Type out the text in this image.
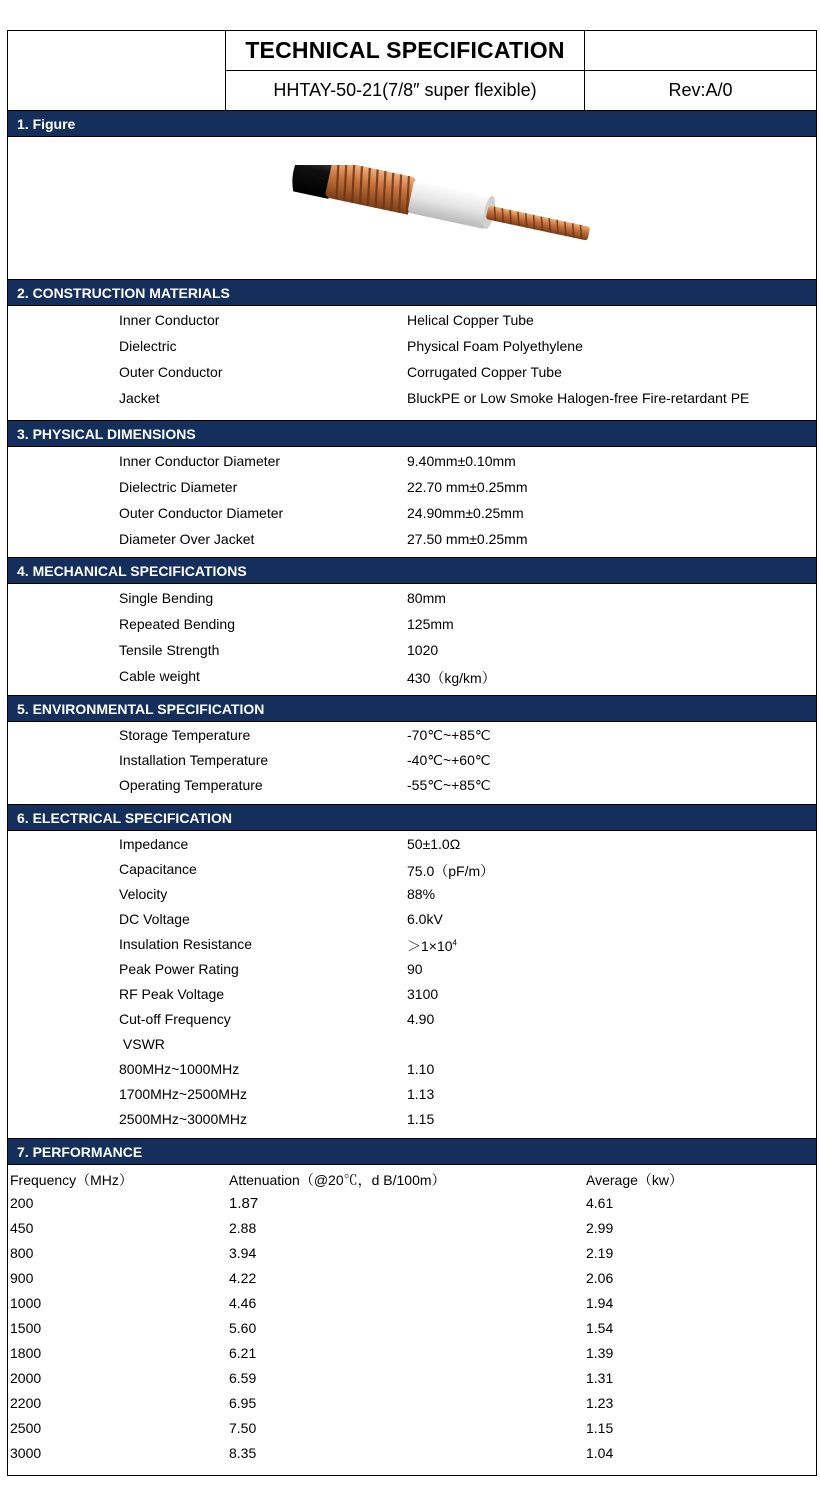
TECHNICAL SPECIFICATION
HHTAY-50-21(7/8″ super flexible)	Rev:A/0
1. Figure
2. CONSTRUCTION MATERIALS
Inner Conductor	Helical Copper Tube
Dielectric	Physical Foam Polyethylene
Outer Conductor	Corrugated Copper Tube
Jacket	BluckPE or Low Smoke Halogen-free Fire-retardant PE
3. PHYSICAL DIMENSIONS
Inner Conductor Diameter	9.40mm±0.10mm
Dielectric Diameter	22.70 mm±0.25mm
Outer Conductor Diameter	24.90mm±0.25mm
Diameter Over Jacket	27.50 mm±0.25mm
4. MECHANICAL SPECIFICATIONS
Single Bending	80mm
Repeated Bending	125mm
Tensile Strength	1020
Cable weight	430（kg/km）
5. ENVIRONMENTAL SPECIFICATION
Storage Temperature	-70℃~+85℃
Installation Temperature	-40℃~+60℃
Operating Temperature	-55℃~+85℃
6. ELECTRICAL SPECIFICATION
Impedance	50±1.0Ω
Capacitance	75.0（pF/m）
Velocity	88%
DC Voltage	6.0kV
Insulation Resistance	$>1\times 10^4$
Peak Power Rating	90
RF Peak Voltage	3100
Cut-off Frequency	4.90
VSWR
800MHz~1000MHz	1.10
1700MHz~2500MHz	1.13
2500MHz~3000MHz	1.15
7. PERFORMANCE
Frequency（MHz）	Attenuation（@20℃，d B/100m）	Average（kw）
200	1.87	4.61
450	2.88	2.99
800	3.94	2.19
900	4.22	2.06
1000	4.46	1.94
1500	5.60	1.54
1800	6.21	1.39
2000	6.59	1.31
2200	6.95	1.23
2500	7.50	1.15
3000	8.35	1.04
